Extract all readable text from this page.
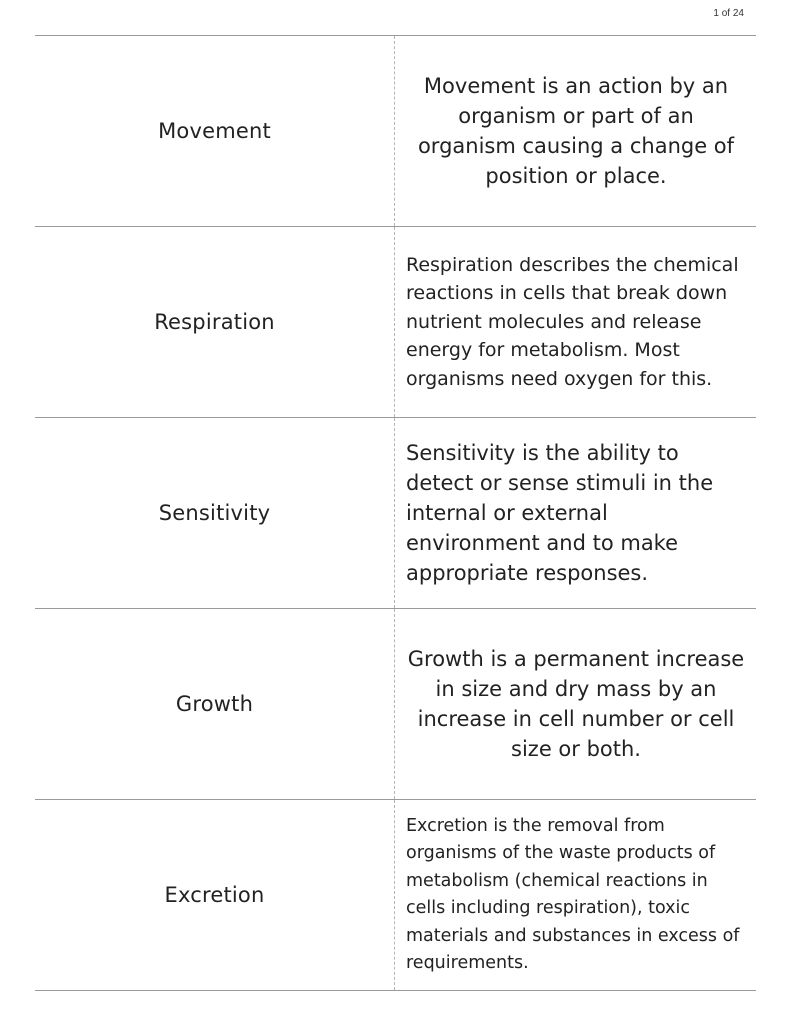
1 of 24
Movement
Movement is an action by an organism or part of an organism causing a change of position or place.
Respiration
Respiration describes the chemical reactions in cells that break down nutrient molecules and release energy for metabolism. Most organisms need oxygen for this.
Sensitivity
Sensitivity is the ability to detect or sense stimuli in the internal or external environment and to make appropriate responses.
Growth
Growth is a permanent increase in size and dry mass by an increase in cell number or cell size or both.
Excretion
Excretion is the removal from organisms of the waste products of metabolism (chemical reactions in cells including respiration), toxic materials and substances in excess of requirements.
